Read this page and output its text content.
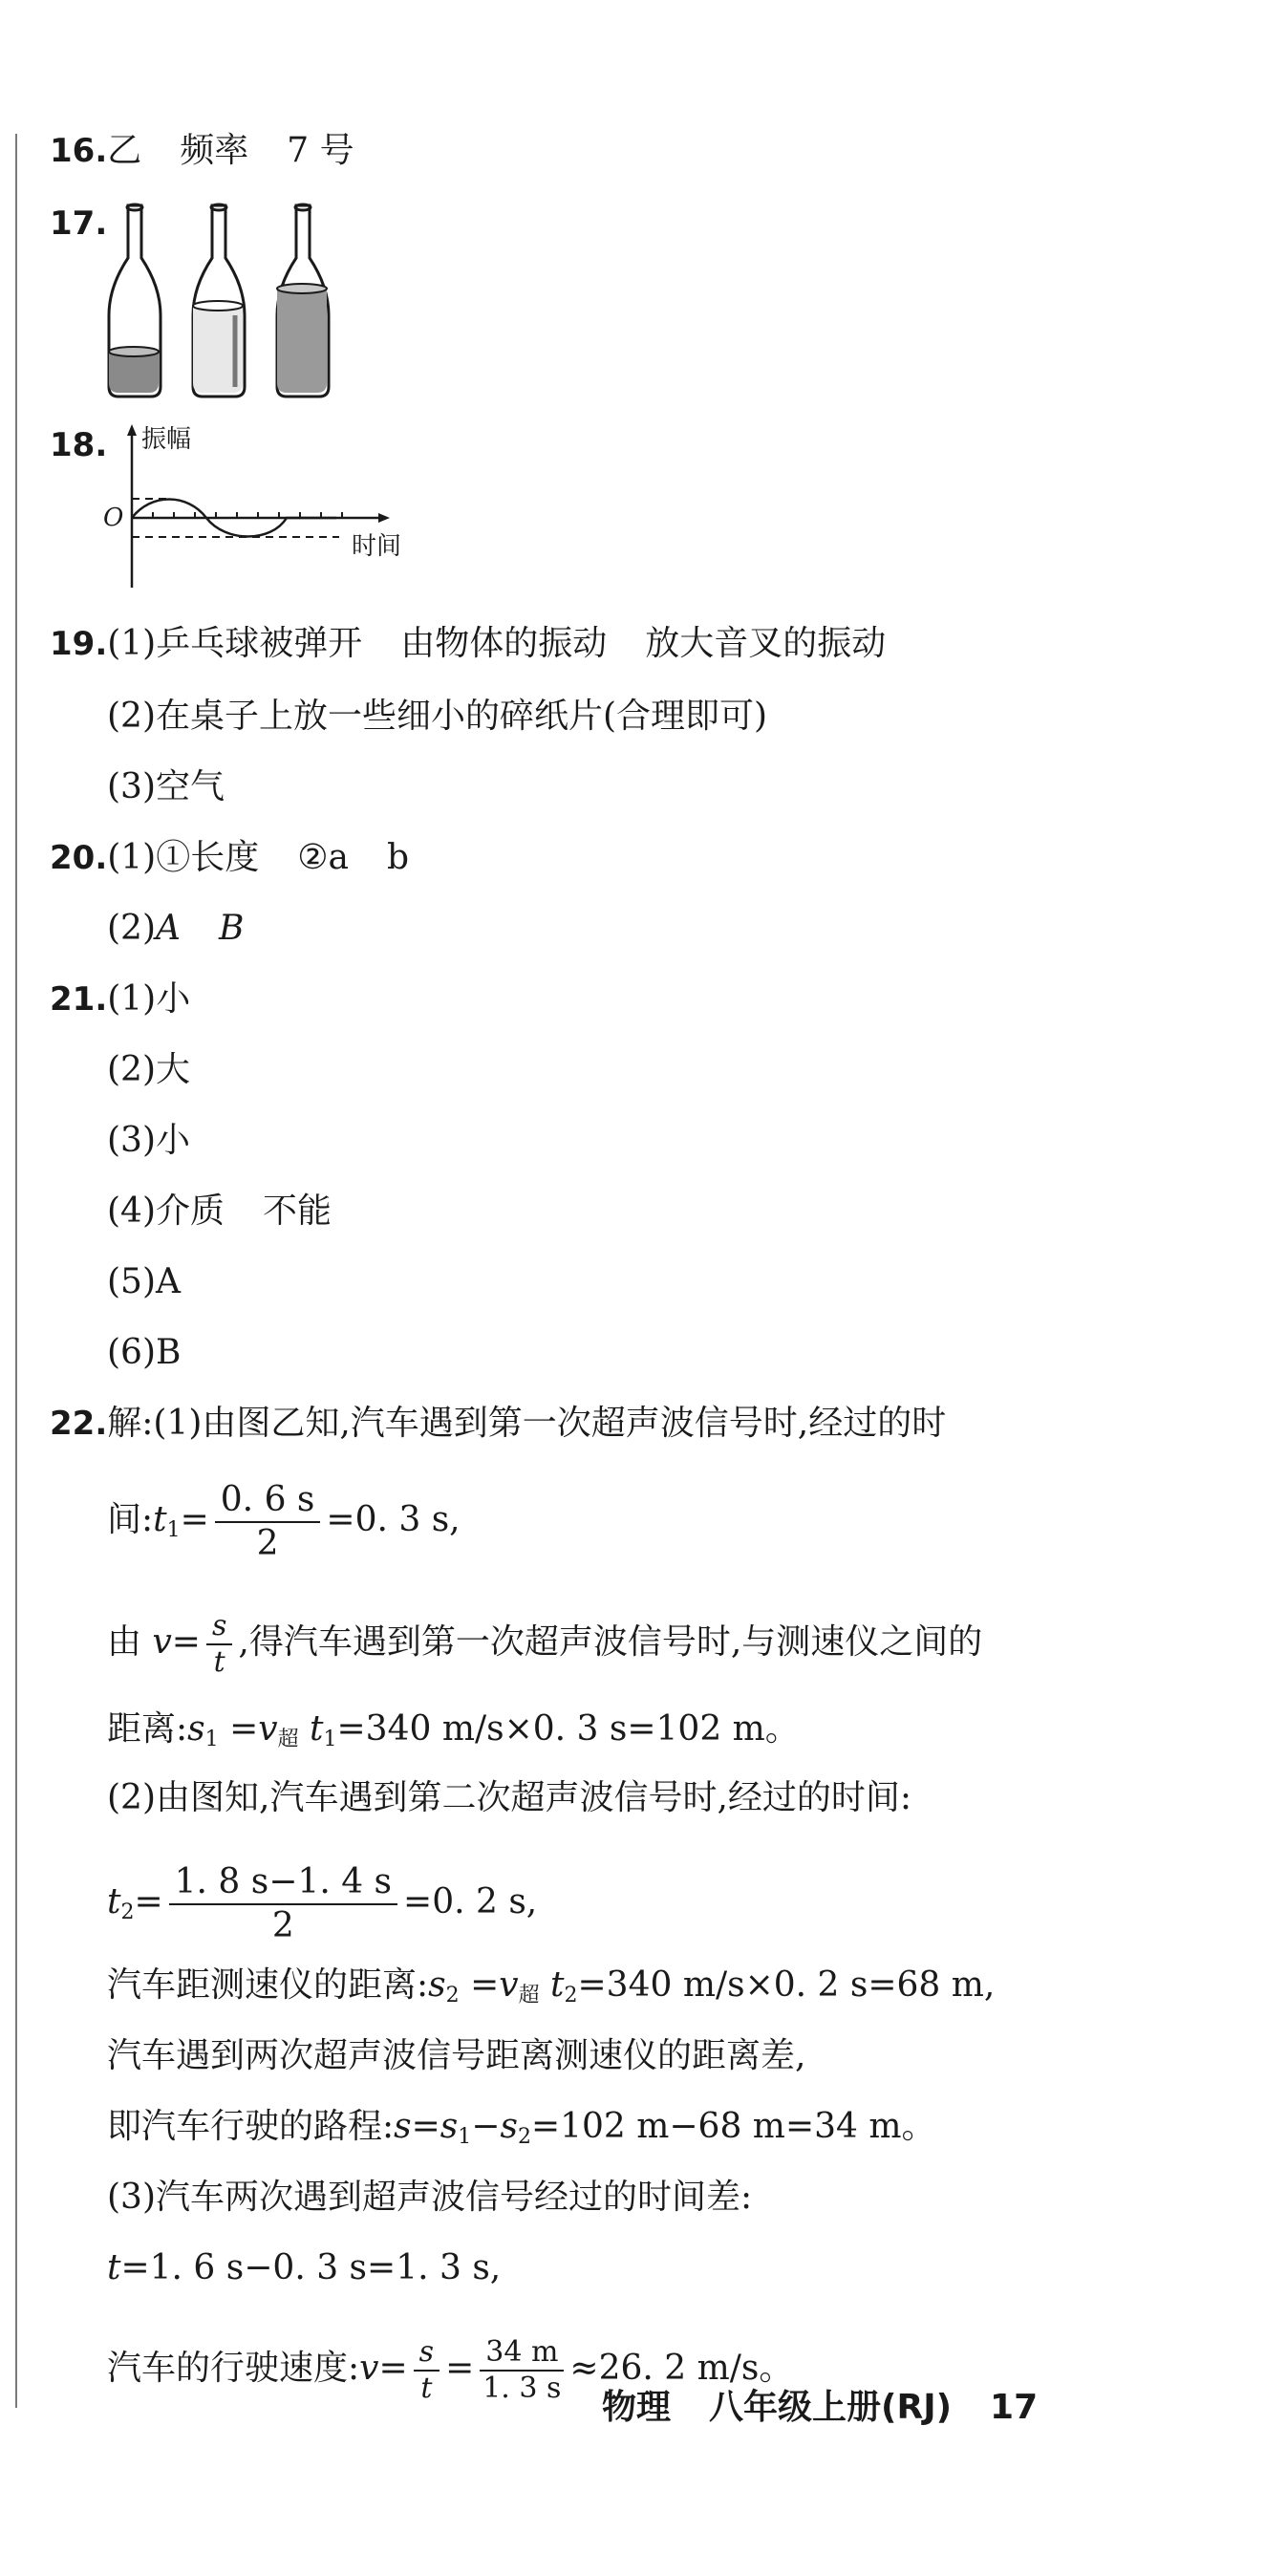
16.乙 频率 7 号
17.
18. 振幅
O
时间
19.(1)乒乓球被弹开 由物体的振动 放大音叉的振动
(2)在桌子上放一些细小的碎纸片(合理即可)
(3)空气
20.(1)①长度 ②a b
(2)A B
21.(1)小
(2)大
(3)小
(4)介质 不能
(5)A
(6)B
22.解:(1)由图乙知,汽车遇到第一次超声波信号时,经过的时
间$:t_1= \frac{0. 6 s}{2} =0$. 3 s,
由 $v= \frac{s}{t}$ ,得汽车遇到第一次超声波信号时,与测速仪之间的
距离$:s_1 =v_超$ $t_1=340$ m/s×0. 3 s=102 m。
(2)由图知,汽车遇到第二次超声波信号时,经过的时间:
$t_2= \frac{1. 8 s-1. 4 s}{2} =0$. 2 s,
汽车距测速仪的距离$:s_2 =v_超$ $t_2=340$ m/s×0. 2 s=68 m,
汽车遇到两次超声波信号距离测速仪的距离差,
即汽车行驶的路程$:s=s_1-s_2=102$ m−68 m=34 m。
(3)汽车两次遇到超声波信号经过的时间差:
t=1. 6 s−0. 3 s=1. 3 s,
汽车的行驶速度:v= $\frac{s}{t} = \frac{34 m}{1. 3 s} \approx 26$. 2 m/s。
物理 八年级上册(RJ) 17
